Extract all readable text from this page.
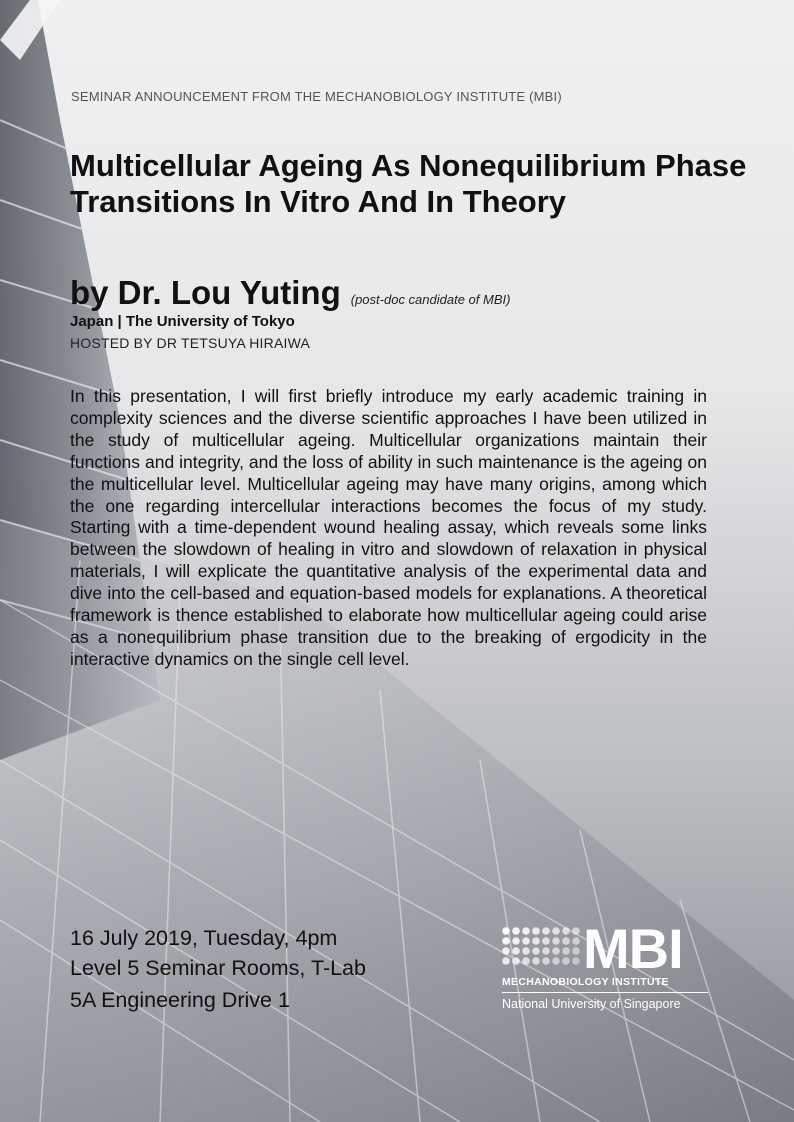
SEMINAR ANNOUNCEMENT FROM THE MECHANOBIOLOGY INSTITUTE (MBI)
Multicellular Ageing As Nonequilibrium Phase Transitions In Vitro And In Theory
by Dr. Lou Yuting (post-doc candidate of MBI)
Japan | The University of Tokyo
HOSTED BY DR TETSUYA HIRAIWA
In this presentation, I will first briefly introduce my early academic training in complexity sciences and the diverse scientific approaches I have been utilized in the study of multicellular ageing. Multicellular organizations maintain their functions and integrity, and the loss of ability in such maintenance is the ageing on the multicellular level. Multicellular ageing may have many origins, among which the one regarding intercellular interactions becomes the focus of my study. Starting with a time-dependent wound healing assay, which reveals some links between the slowdown of healing in vitro and slowdown of relaxation in physical materials, I will explicate the quantitative analysis of the experimental data and dive into the cell-based and equation-based models for explanations. A theoretical framework is thence established to elaborate how multicellular ageing could arise as a nonequilibrium phase transition due to the breaking of ergodicity in the interactive dynamics on the single cell level.
16 July 2019, Tuesday, 4pm
Level 5 Seminar Rooms, T-Lab
5A Engineering Drive 1
MBI
MECHANOBIOLOGY INSTITUTE
National University of Singapore
